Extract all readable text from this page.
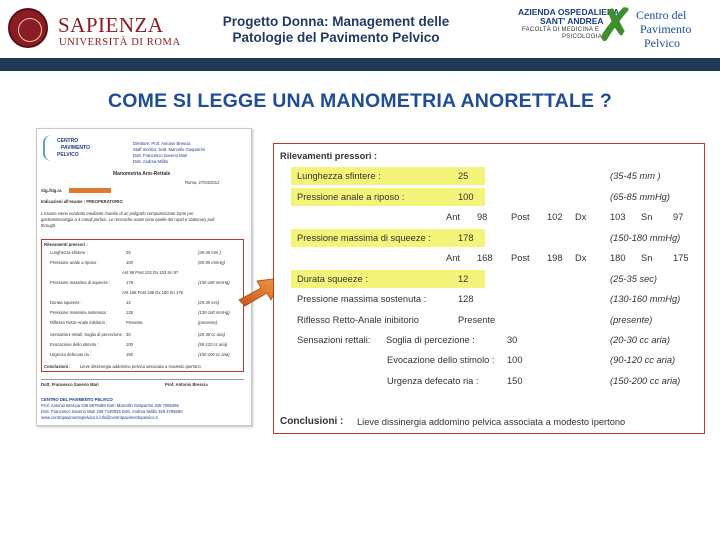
SAPIENZA
UNIVERSITÀ DI ROMA
Progetto Donna: Management delle
Patologie del Pavimento Pelvico
AZIENDA OSPEDALIERA
SANT' ANDREA
FACOLTÀ DI MEDICINA E
PSICOLOGIA
✗ Centro del
Pavimento
Pelvico
COME SI LEGGE UNA MANOMETRIA ANORETTALE ?
CENTRO
PAVIMENTO
PELVICO
Direttore: Prof. Antonio Brescia
Staff medico: Dott. Marcello Gasparrini
Dott. Francesco Saverio Mari
Dott. Andrea Milillo
Manometria Ano-Rettale
Roma, 27/04/2012
Sig./Sig.ra
Indicazioni all'esame : PREOPERATORIO
L'esame viene condotto mediante l'ausilio di un poligrafo computerizzato Dyno per
gastroenterologia a 4 canali perfusi. Le recnoiche usate sono quelle del rapid e stationary pull-
through.
Rilevamenti pressori :
Lunghezza sfintere :	25	(35-45 mm )
Pressione anale a riposo :	100	(65-85 mmHg)
Ant 98 Post 102 Dx 103 Sn 97
Pressione massima di squeeze :	178	(150-180 mmHg)
Ant 168 Post 198 Dx 180 Sn 175
Durata squeeze :	12	(25-35 sec)
Pressione massima sostenuta :	128	(130-160 mmHg)
Riflesso Retto-Anale inibitorio :	Presente	(presente)
Sensazioni rettali: Soglia di percezione : 30	(20-30 cc aria)
Evocazione dello stimolo :	100	(90-120 cc aria)
Urgenza defecato ria :	150	(150-200 cc aria)
Conclusioni : Lieve dissinergia addomino pelvica associata a modesto ipertono
Dott. Francesco Saverio Mari	Prof. Antonio Brescia
CENTRO DEL PAVIMENTO PELVICO
Prof. Antonio Brescia 335 6879498 Dott. Marcello Gasparrini 335 7066296
Dott. Francesco Saverio Mari 339 7140535 Dott. Andrea Milillo 328 4795590
www.centropavimentopelvico.it info@centropavimentopelvico.it
Rilevamenti pressori :
Lunghezza sfintere :	25	(35-45 mm )
Pressione anale a riposo :	100	(65-85 mmHg)
Ant 98	Post 102 Dx	103 Sn 97
Pressione massima di squeeze :	178	(150-180 mmHg)
Ant 168 Post 198 Dx	180 Sn 175
Durata squeeze :	12	(25-35 sec)
Pressione massima sostenuta :	128	(130-160 mmHg)
Riflesso Retto-Anale inibitorio	Presente	(presente)
Sensazioni rettali: Soglia di percezione :	30	(20-30 cc aria)
Evocazione dello stimolo : 100	(90-120 cc aria)
Urgenza defecato ria :	150	(150-200 cc aria)
Conclusioni : Lieve dissinergia addomino pelvica associata a modesto ipertono
